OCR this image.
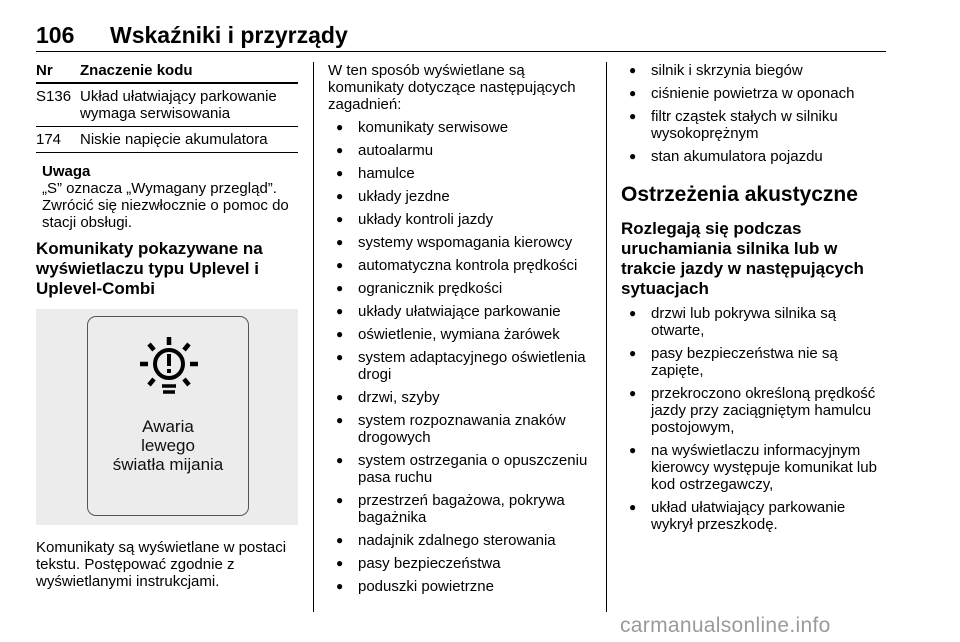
106 Wskaźniki i przyrządy
Nr	Znaczenie kodu
S136 Układ ułatwiający parkowanie wymaga serwisowania
174	Niskie napięcie akumulatora
Uwaga
„S” oznacza „Wymagany przegląd”. Zwrócić się niezwłocznie o pomoc do stacji obsługi.
Komunikaty pokazywane na wyświetlaczu typu Uplevel i Uplevel-Combi
Awaria
lewego
światła mijania
Komunikaty są wyświetlane w postaci tekstu. Postępować zgodnie z wyświetlanymi instrukcjami.
W ten sposób wyświetlane są komunikaty dotyczące następujących zagadnień:
● komunikaty serwisowe
● autoalarmu
● hamulce
● układy jezdne
● układy kontroli jazdy
● systemy wspomagania kierowcy
● automatyczna kontrola prędkości
● ogranicznik prędkości
● układy ułatwiające parkowanie
● oświetlenie, wymiana żarówek
● system adaptacyjnego oświetlenia drogi
● drzwi, szyby
● system rozpoznawania znaków drogowych
● system ostrzegania o opuszczeniu pasa ruchu
● przestrzeń bagażowa, pokrywa bagażnika
● nadajnik zdalnego sterowania
● pasy bezpieczeństwa
● poduszki powietrzne
● silnik i skrzynia biegów
● ciśnienie powietrza w oponach
● filtr cząstek stałych w silniku wysokoprężnym
● stan akumulatora pojazdu
Ostrzeżenia akustyczne
Rozlegają się podczas uruchamiania silnika lub w trakcie jazdy w następujących sytuacjach
● drzwi lub pokrywa silnika są otwarte,
● pasy bezpieczeństwa nie są zapięte,
● przekroczono określoną prędkość jazdy przy zaciągniętym hamulcu postojowym,
● na wyświetlaczu informacyjnym kierowcy występuje komunikat lub kod ostrzegawczy,
● układ ułatwiający parkowanie wykrył przeszkodę.
carmanualsonline.info
